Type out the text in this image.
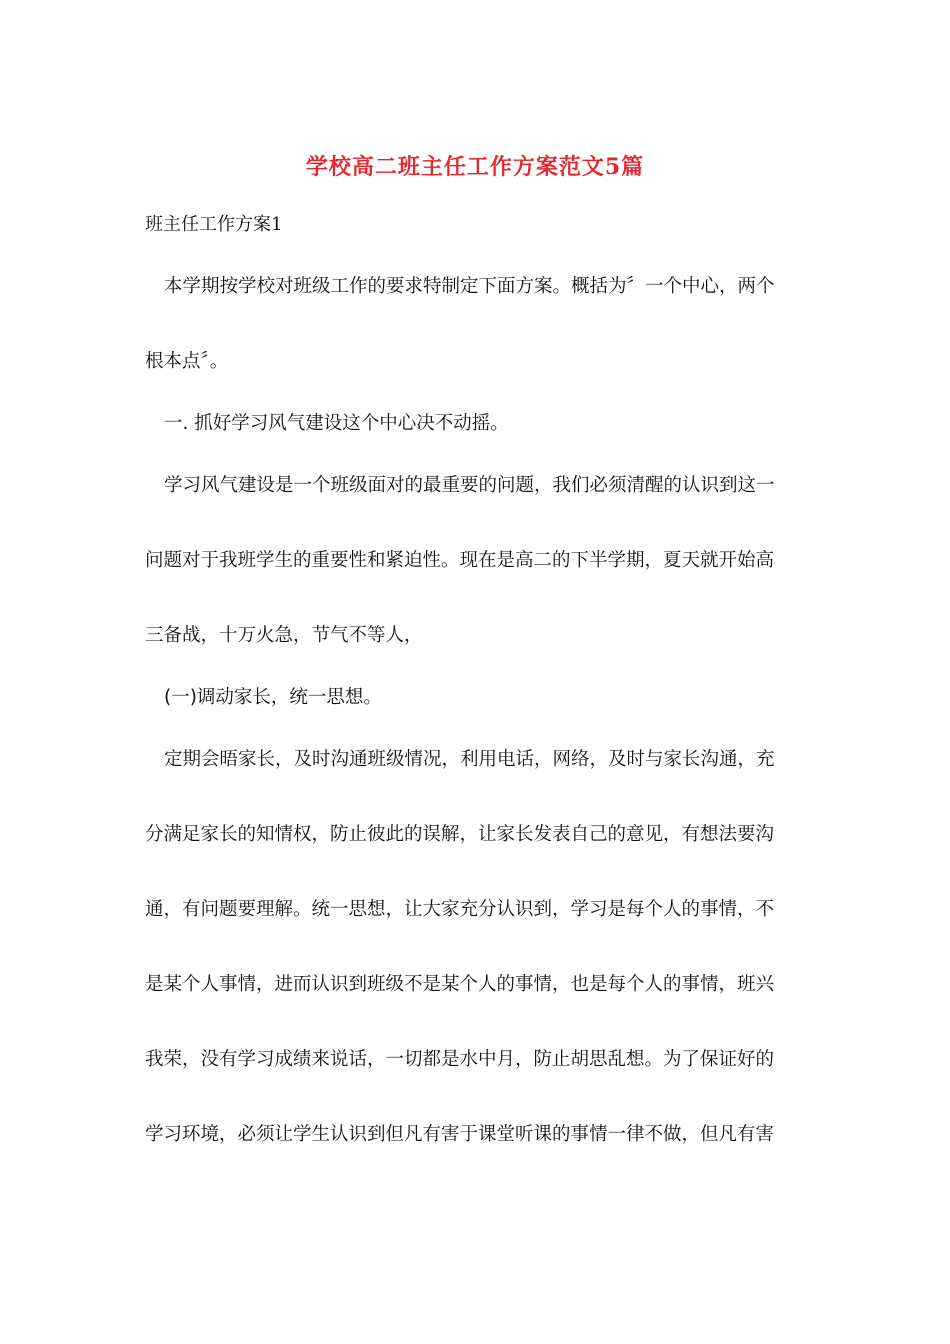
学校高二班主任工作方案范文5篇
班主任工作方案1
本学期按学校对班级工作的要求特制定下面方案。概括为〞一个中心，两个
根本点〞。
一. 抓好学习风气建设这个中心决不动摇。
学习风气建设是一个班级面对的最重要的问题，我们必须清醒的认识到这一
问题对于我班学生的重要性和紧迫性。现在是高二的下半学期，夏天就开始高
三备战，十万火急，节气不等人，
(一)调动家长，统一思想。
定期会晤家长，及时沟通班级情况，利用电话，网络，及时与家长沟通，充
分满足家长的知情权，防止彼此的误解，让家长发表自己的意见，有想法要沟
通，有问题要理解。统一思想，让大家充分认识到，学习是每个人的事情，不
是某个人事情，进而认识到班级不是某个人的事情，也是每个人的事情，班兴
我荣，没有学习成绩来说话，一切都是水中月，防止胡思乱想。为了保证好的
学习环境，必须让学生认识到但凡有害于课堂听课的事情一律不做，但凡有害
